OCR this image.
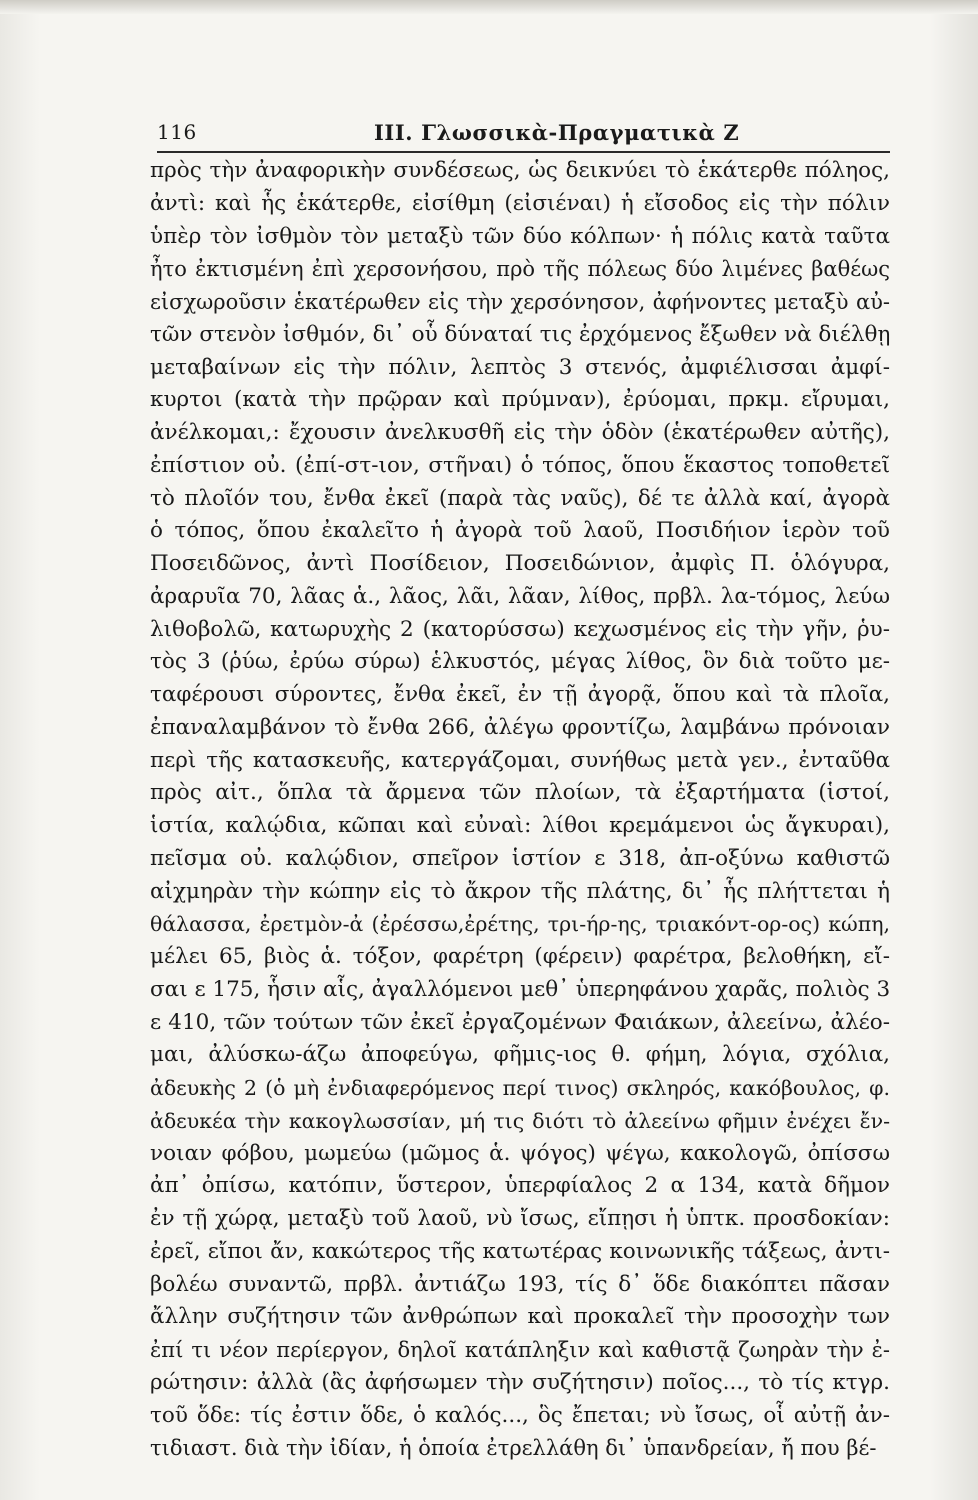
116	ΙΙΙ. Γλωσσικὰ-Πραγματικὰ Ζ
πρὸς τὴν ἀναφορικὴν συνδέσεως, ὡς δεικνύει τὸ ἑκάτερθε πόληος,
ἀντὶ: καὶ ἧς ἑκάτερθε, εἰσίθμη (εἰσιέναι) ἡ εἴσοδος εἰς τὴν πόλιν
ὑπὲρ τὸν ἰσθμὸν τὸν μεταξὺ τῶν δύο κόλπων· ἡ πόλις κατὰ ταῦτα
ἦτο ἐκτισμένη ἐπὶ χερσονήσου, πρὸ τῆς πόλεως δύο λιμένες βαθέως
εἰσχωροῦσιν ἑκατέρωθεν εἰς τὴν χερσόνησον, ἀφήνοντες μεταξὺ αὐ-
τῶν στενὸν ἰσθμόν, δι᾽ οὗ δύναταί τις ἐρχόμενος ἔξωθεν νὰ διέλθῃ
μεταβαίνων εἰς τὴν πόλιν, λεπτὸς 3 στενός, ἀμφιέλισσαι ἀμφί-
κυρτοι (κατὰ τὴν πρῷραν καὶ πρύμναν), ἐρύομαι, πρκμ. εἴρυμαι,
ἀνέλκομαι,: ἔχουσιν ἀνελκυσθῆ εἰς τὴν ὁδὸν (ἑκατέρωθεν αὐτῆς),
ἐπίστιον οὐ. (ἐπί-στ-ιον, στῆναι) ὁ τόπος, ὅπου ἕκαστος τοποθετεῖ
τὸ πλοῖόν του, ἔνθα ἐκεῖ (παρὰ τὰς ναῦς), δέ τε ἀλλὰ καί, ἀγορὰ
ὁ τόπος, ὅπου ἐκαλεῖτο ἡ ἀγορὰ τοῦ λαοῦ, Ποσιδήιον ἱερὸν τοῦ
Ποσειδῶνος, ἀντὶ Ποσίδειον, Ποσειδώνιον, ἀμφὶς Π. ὁλόγυρα,
ἀραρυῖα 70, λᾶας ἁ., λᾶος, λᾶι, λᾶαν, λίθος, πρβλ. λα-τόμος, λεύω
λιθοβολῶ, κατωρυχὴς 2 (κατορύσσω) κεχωσμένος εἰς τὴν γῆν, ῥυ-
τὸς 3 (ῥύω, ἐρύω σύρω) ἑλκυστός, μέγας λίθος, ὃν διὰ τοῦτο με-
ταφέρουσι σύροντες, ἔνθα ἐκεῖ, ἐν τῇ ἀγορᾷ, ὅπου καὶ τὰ πλοῖα,
ἐπαναλαμβάνον τὸ ἔνθα 266, ἀλέγω φροντίζω, λαμβάνω πρόνοιαν
περὶ τῆς κατασκευῆς, κατεργάζομαι, συνήθως μετὰ γεν., ἐνταῦθα
πρὸς αἰτ., ὅπλα τὰ ἄρμενα τῶν πλοίων, τὰ ἐξαρτήματα (ἱστοί,
ἱστία, καλῴδια, κῶπαι καὶ εὐναὶ: λίθοι κρεμάμενοι ὡς ἄγκυραι),
πεῖσμα οὐ. καλῴδιον, σπεῖρον ἱστίον ε 318, ἀπ-οξύνω καθιστῶ
αἰχμηρὰν τὴν κώπην εἰς τὸ ἄκρον τῆς πλάτης, δι᾽ ἧς πλήττεται ἡ
θάλασσα, ἐρετμὸν-ἀ (ἐρέσσω,ἐρέτης, τρι-ήρ-ης, τριακόντ-ορ-ος) κώπη,
μέλει 65, βιὸς ἁ. τόξον, φαρέτρη (φέρειν) φαρέτρα, βελοθήκη, εἴ-
σαι ε 175, ἧσιν αἷς, ἀγαλλόμενοι μεθ᾽ ὑπερηφάνου χαρᾶς, πολιὸς 3
ε 410, τῶν τούτων τῶν ἐκεῖ ἐργαζομένων Φαιάκων, ἀλεείνω, ἀλέο-
μαι, ἀλύσκω-άζω ἀποφεύγω, φῆμις-ιος θ. φήμη, λόγια, σχόλια,
ἀδευκὴς 2 (ὁ μὴ ἐνδιαφερόμενος περί τινος) σκληρός, κακόβουλος, φ.
ἀδευκέα τὴν κακογλωσσίαν, μή τις διότι τὸ ἀλεείνω φῆμιν ἐνέχει ἔν-
νοιαν φόβου, μωμεύω (μῶμος ἁ. ψόγος) ψέγω, κακολογῶ, ὀπίσσω
ἀπ᾽ ὀπίσω, κατόπιν, ὕστερον, ὑπερφίαλος 2 α 134, κατὰ δῆμον
ἐν τῇ χώρᾳ, μεταξὺ τοῦ λαοῦ, νὺ ἴσως, εἴπῃσι ἡ ὑπτκ. προσδοκίαν:
ἐρεῖ, εἴποι ἄν, κακώτερος τῆς κατωτέρας κοινωνικῆς τάξεως, ἀντι-
βολέω συναντῶ, πρβλ. ἀντιάζω 193, τίς δ᾽ ὅδε διακόπτει πᾶσαν
ἄλλην συζήτησιν τῶν ἀνθρώπων καὶ προκαλεῖ τὴν προσοχὴν των
ἐπί τι νέον περίεργον, δηλοῖ κατάπληξιν καὶ καθιστᾷ ζωηρὰν τὴν ἐ-
ρώτησιν: ἀλλὰ (ἂς ἀφήσωμεν τὴν συζήτησιν) ποῖος..., τὸ τίς κτγρ.
τοῦ ὅδε: τίς ἐστιν ὅδε, ὁ καλός..., ὃς ἔπεται; νὺ ἴσως, οἷ αὐτῇ ἀν-
τιδιαστ. διὰ τὴν ἰδίαν, ἡ ὁποία ἐτρελλάθη δι᾽ ὑπανδρείαν, ἤ που βέ-
